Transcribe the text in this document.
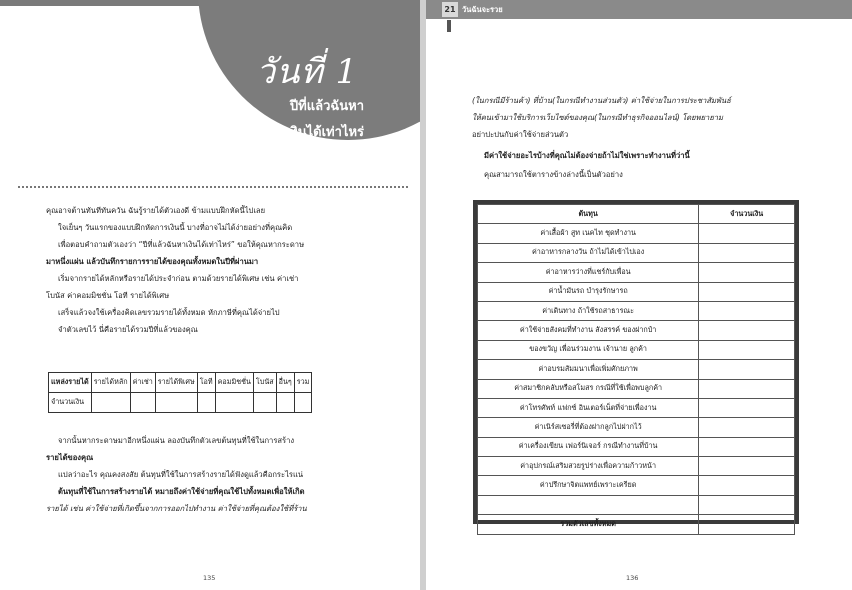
วันที่ 1
ปีที่แล้วฉันหา
เงินได้เท่าไหร่
คุณอาจต้านทันทีทันควัน ฉันรู้รายได้ตัวเองดี ข้ามแบบฝึกหัดนี้ไปเลย
ใจเย็นๆ วันแรกของแบบฝึกหัดการเงินนี้ บางที่อาจไม่ได้ง่ายอย่างที่คุณคิด
เพื่อตอบคำถามตัวเองว่า “ปีที่แล้วฉันหาเงินได้เท่าไหร่” ขอให้คุณหากระดาษ
มาหนึ่งแผ่น แล้วบันทึกรายการรายได้ของคุณทั้งหมดในปีที่ผ่านมา
เริ่มจากรายได้หลักหรือรายได้ประจำก่อน ตามด้วยรายได้พิเศษ เช่น ค่าเช่า
โบนัส ค่าคอมมิชชั่น โอที รายได้พิเศษ
เสร็จแล้วจงใช้เครื่องคิดเลขรวมรายได้ทั้งหมด หักภาษีที่คุณได้จ่ายไป
จำตัวเลขไว้ นี่คือรายได้รวมปีที่แล้วของคุณ
แหล่งรายได้	รายได้หลัก	ค่าเช่า	รายได้พิเศษ	โอที	คอมมิชชั่น	โบนัส	อื่นๆ	รวม
จำนวนเงิน								
จากนั้นหากระดาษมาอีกหนึ่งแผ่น ลองบันทึกตัวเลขต้นทุนที่ใช้ในการสร้าง
รายได้ของคุณ
แปลว่าอะไร คุณคงสงสัย ต้นทุนที่ใช้ในการสร้างรายได้ฟังดูแล้วคือกระไรแน่
ต้นทุนที่ใช้ในการสร้างรายได้ หมายถึงค่าใช้จ่ายที่คุณใช้ไปทั้งหมดเพื่อให้เกิด
รายได้ เช่น ค่าใช้จ่ายที่เกิดขึ้นจากการออกไปทำงาน ค่าใช้จ่ายที่คุณต้องใช้ที่ร้าน
135
21 วันฉันจะรวย
(ในกรณีมีร้านค้า) ที่บ้าน(ในกรณีทำงานส่วนตัว) ค่าใช้จ่ายในการประชาสัมพันธ์
ให้คนเข้ามาใช้บริการเว็บไซต์ของคุณ(ในกรณีทำธุรกิจออนไลน์) โดยพยายาม
อย่าปะปนกับค่าใช้จ่ายส่วนตัว
มีค่าใช้จ่ายอะไรบ้างที่คุณไม่ต้องจ่ายถ้าไม่ใช่เพราะทำงานที่ว่านี้
คุณสามารถใช้ตารางข้างล่างนี้เป็นตัวอย่าง
ต้นทุน	จำนวนเงิน
ค่าเสื้อผ้า สูท เนคไท ชุดทำงาน	
ค่าอาหารกลางวัน ถ้าไม่ได้เข้าไปเอง	
ค่าอาหารว่างที่แชร์กับเพื่อน	
ค่าน้ำมันรถ บำรุงรักษารถ	
ค่าเดินทาง ถ้าใช้รถสาธารณะ	
ค่าใช้จ่ายสังคมที่ทำงาน สังสรรค์ ของฝากป๋า	
ของขวัญ เพื่อนร่วมงาน เจ้านาย ลูกค้า	
ค่าอบรมสัมมนาเพื่อเพิ่มศักยภาพ	
ค่าสมาชิกคลับหรือสโมสร กรณีที่ใช้เพื่อพบลูกค้า	
ค่าโทรศัพท์ แฟกซ์ อินเตอร์เน็ตที่จ่ายเพื่องาน	
ค่าเนิร์สเซอรี่ที่ต้องฝากลูกไปฝากไว้	
ค่าเครื่องเขียน เฟอร์นิเจอร์ กรณีทำงานที่บ้าน	
ค่าอุปกรณ์เสริมสวยรูปร่างเพื่อความก้าวหน้า	
ค่าปรึกษาจิตแพทย์เพราะเครียด	

รวมตัวเลขทั้งหมด	
136
